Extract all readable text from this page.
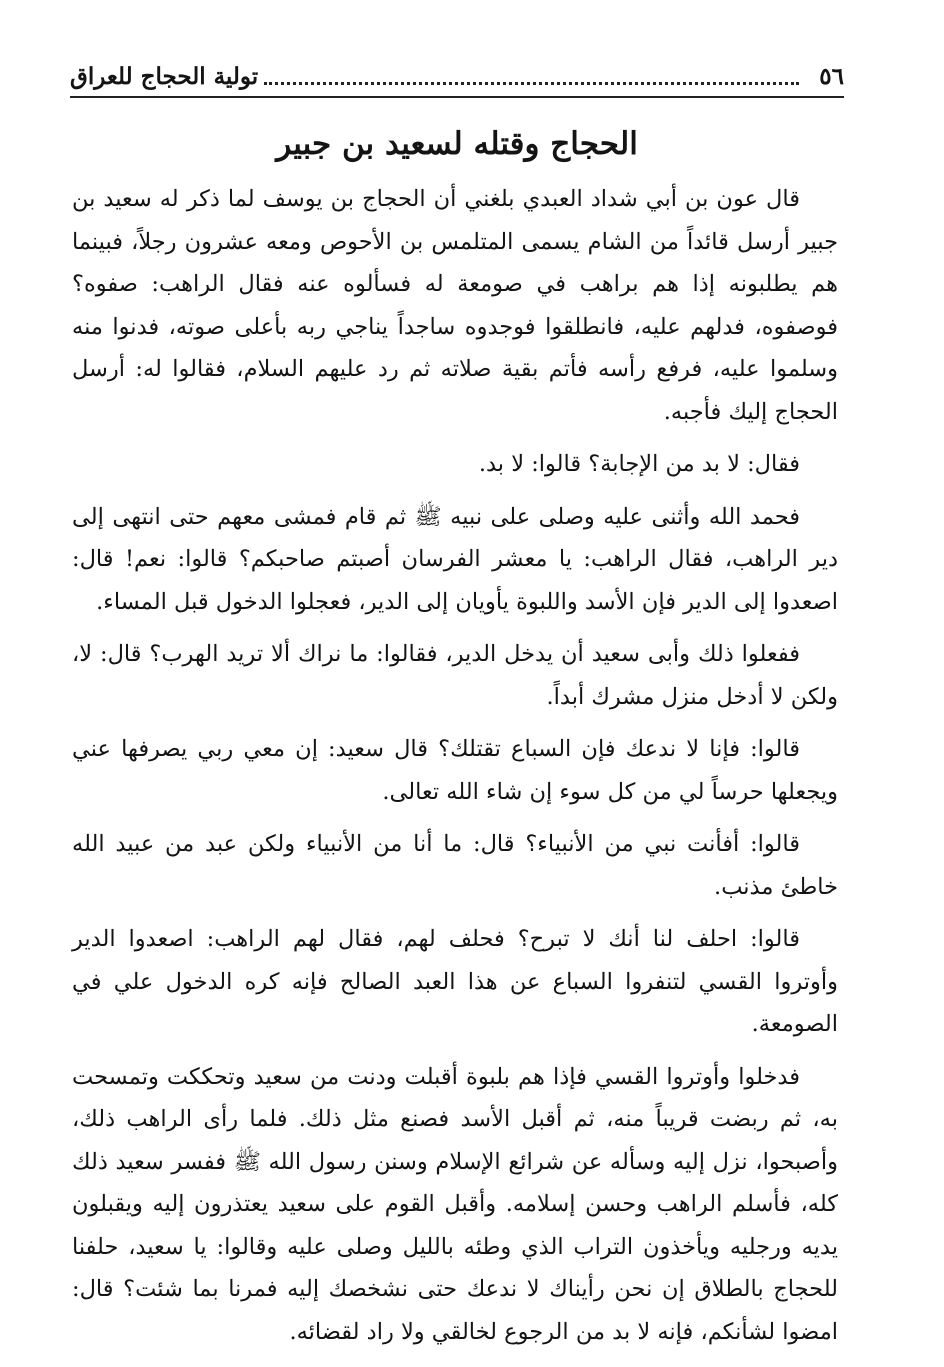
٥٦
تولية الحجاج للعراق
الحجاج وقتله لسعيد بن جبير

قال عون بن أبي شداد العبدي بلغني أن الحجاج بن يوسف لما ذكر له سعيد بن جبير أرسل قائداً من الشام يسمى المتلمس بن الأحوص ومعه عشرون رجلاً، فبينما هم يطلبونه إذا هم براهب في صومعة له فسألوه عنه فقال الراهب: صفوه؟ فوصفوه، فدلهم عليه، فانطلقوا فوجدوه ساجداً يناجي ربه بأعلى صوته، فدنوا منه وسلموا عليه، فرفع رأسه فأتم بقية صلاته ثم رد عليهم السلام، فقالوا له: أرسل الحجاج إليك فأجبه.

فقال: لا بد من الإجابة؟ قالوا: لا بد.

فحمد الله وأثنى عليه وصلى على نبيه ﷺ ثم قام فمشى معهم حتى انتهى إلى دير الراهب، فقال الراهب: يا معشر الفرسان أصبتم صاحبكم؟ قالوا: نعم! قال: اصعدوا إلى الدير فإن الأسد واللبوة يأويان إلى الدير، فعجلوا الدخول قبل المساء.

ففعلوا ذلك وأبى سعيد أن يدخل الدير، فقالوا: ما نراك ألا تريد الهرب؟ قال: لا، ولكن لا أدخل منزل مشرك أبداً.

قالوا: فإنا لا ندعك فإن السباع تقتلك؟ قال سعيد: إن معي ربي يصرفها عني ويجعلها حرساً لي من كل سوء إن شاء الله تعالى.

قالوا: أفأنت نبي من الأنبياء؟ قال: ما أنا من الأنبياء ولكن عبد من عبيد الله خاطئ مذنب.

قالوا: احلف لنا أنك لا تبرح؟ فحلف لهم، فقال لهم الراهب: اصعدوا الدير وأوتروا القسي لتنفروا السباع عن هذا العبد الصالح فإنه كره الدخول علي في الصومعة.

فدخلوا وأوتروا القسي فإذا هم بلبوة أقبلت ودنت من سعيد وتحككت وتمسحت به، ثم ربضت قريباً منه، ثم أقبل الأسد فصنع مثل ذلك. فلما رأى الراهب ذلك، وأصبحوا، نزل إليه وسأله عن شرائع الإسلام وسنن رسول الله ﷺ ففسر سعيد ذلك كله، فأسلم الراهب وحسن إسلامه. وأقبل القوم على سعيد يعتذرون إليه ويقبلون يديه ورجليه ويأخذون التراب الذي وطئه بالليل وصلى عليه وقالوا: يا سعيد، حلفنا للحجاج بالطلاق إن نحن رأيناك لا ندعك حتى نشخصك إليه فمرنا بما شئت؟ قال: امضوا لشأنكم، فإنه لا بد من الرجوع لخالقي ولا راد لقضائه.
